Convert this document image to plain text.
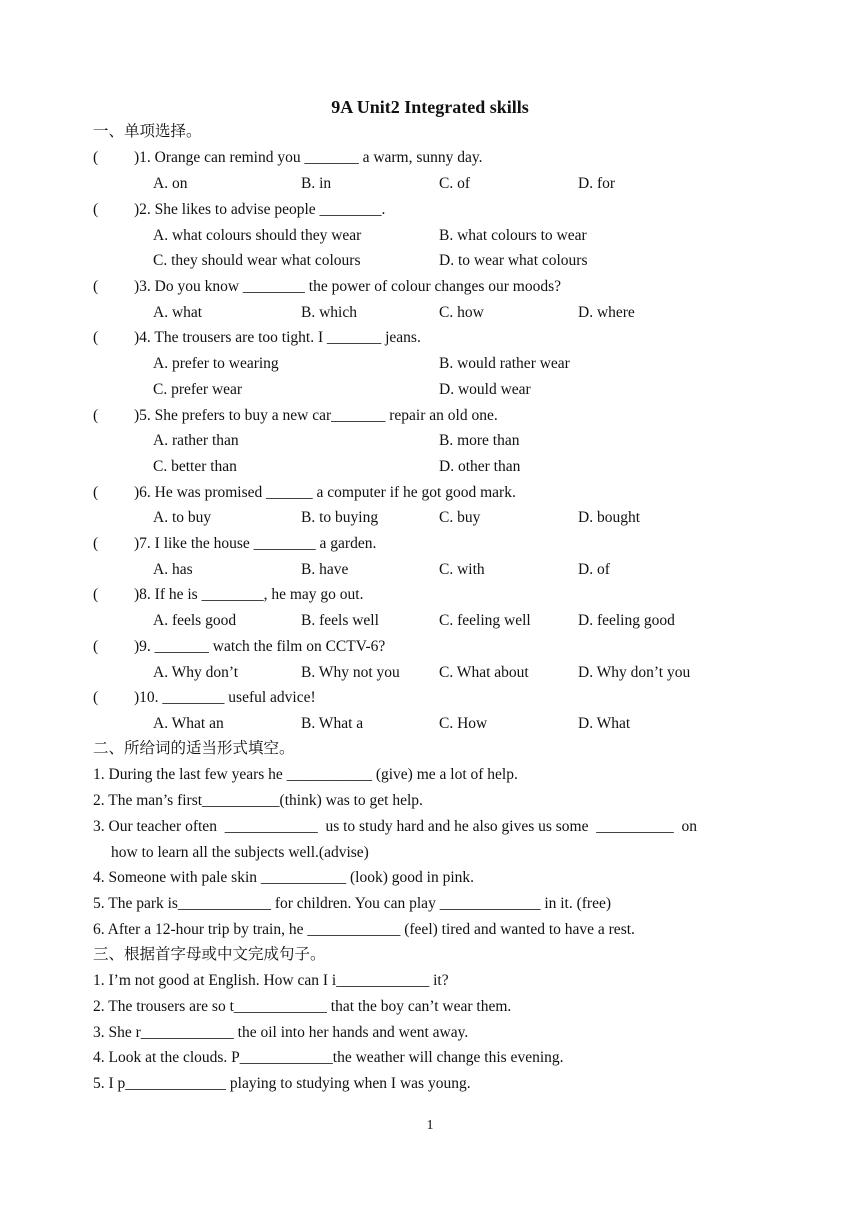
9A Unit2 Integrated skills
一、单项选择。
( )1. Orange can remind you _______ a warm, sunny day.
A. on	B. in	C. of	D. for
( )2. She likes to advise people ________.
A. what colours should they wear	B. what colours to wear
C. they should wear what colours	D. to wear what colours
( )3. Do you know ________ the power of colour changes our moods?
A. what	B. which	C. how	D. where
( )4. The trousers are too tight. I _______ jeans.
A. prefer to wearing	B. would rather wear
C. prefer wear	D. would wear
( )5. She prefers to buy a new car_______ repair an old one.
A. rather than	B. more than
C. better than	D. other than
( )6. He was promised ______ a computer if he got good mark.
A. to buy	B. to buying	C. buy	D. bought
( )7. I like the house ________ a garden.
A. has	B. have	C. with	D. of
( )8. If he is ________, he may go out.
A. feels good	B. feels well	C. feeling well	D. feeling good
( )9. _______ watch the film on CCTV-6?
A. Why don’t	B. Why not you	C. What about	D. Why don’t you
( )10. ________ useful advice!
A. What an	B. What a	C. How	D. What
二、所给词的适当形式填空。
1. During the last few years he ___________ (give) me a lot of help.
2. The man’s first__________(think) was to get help.
3. Our teacher often  ____________  us to study hard and he also gives us some  __________  on
how to learn all the subjects well.(advise)
4. Someone with pale skin ___________ (look) good in pink.
5. The park is____________ for children. You can play _____________ in it. (free)
6. After a 12-hour trip by train, he ____________ (feel) tired and wanted to have a rest.
三、根据首字母或中文完成句子。
1. I’m not good at English. How can I i____________ it?
2. The trousers are so t____________ that the boy can’t wear them.
3. She r____________ the oil into her hands and went away.
4. Look at the clouds. P____________the weather will change this evening.
5. I p_____________ playing to studying when I was young.
1
